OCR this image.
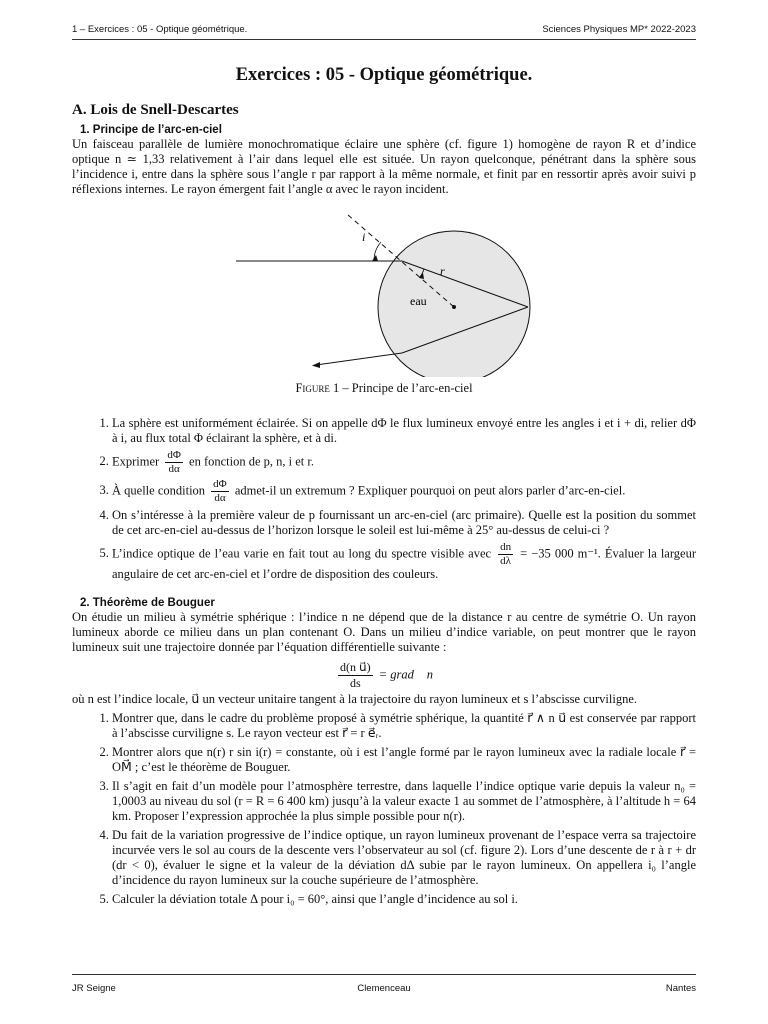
1 – Exercices : 05 - Optique géométrique.	Sciences Physiques MP* 2022-2023
Exercices : 05 - Optique géométrique.
A. Lois de Snell-Descartes
1. Principe de l’arc-en-ciel

Un faisceau parallèle de lumière monochromatique éclaire une sphère (cf. figure 1) homogène de rayon R et d’indice optique n ≃ 1,33 relativement à l’air dans lequel elle est située. Un rayon quelconque, pénétrant dans la sphère sous l’incidence i, entre dans la sphère sous l’angle r par rapport à la même normale, et finit par en ressortir après avoir suivi p réflexions internes. Le rayon émergent fait l’angle α avec le rayon incident.

i
r
eau
Figure 1 – Principe de l’arc-en-ciel
1. La sphère est uniformément éclairée. Si on appelle dΦ le flux lumineux envoyé entre les angles i et i + di, relier dΦ à i, au flux total Φ éclairant la sphère, et à di.
2. Exprimer $\frac{d\Phi}{d\alpha}$ en fonction de p, n, i et r.
3. À quelle condition $\frac{d\Phi}{d\alpha}$ admet-il un extremum ? Expliquer pourquoi on peut alors parler d’arc-en-ciel.
4. On s’intéresse à la première valeur de p fournissant un arc-en-ciel (arc primaire). Quelle est la position du sommet de cet arc-en-ciel au-dessus de l’horizon lorsque le soleil est lui-même à 25° au-dessus de celui-ci ?
5. L’indice optique de l’eau varie en fait tout au long du spectre visible avec $\frac{dn}{d\lambda} = -35$ 000 m⁻¹. Évaluer la largeur angulaire de cet arc-en-ciel et l’ordre de disposition des couleurs.
2. Théorème de Bouguer

On étudie un milieu à symétrie sphérique : l’indice n ne dépend que de la distance r au centre de symétrie O. Un rayon lumineux aborde ce milieu dans un plan contenant O. Dans un milieu d’indice variable, on peut montrer que le rayon lumineux suit une trajectoire donnée par l’équation différentielle suivante :

$\frac{\text{d(n u⃗)}}{ds}$ = grad⃗ n

où n est l’indice locale, u⃗ un vecteur unitaire tangent à la trajectoire du rayon lumineux et s l’abscisse curviligne.

1. Montrer que, dans le cadre du problème proposé à symétrie sphérique, la quantité r⃗ ∧ n u⃗ est conservée par rapport à l’abscisse curviligne s. Le rayon vecteur est r⃗ = r e⃗ᵣ.
2. Montrer alors que n(r) r sin i(r) = constante, où i est l’angle formé par le rayon lumineux avec la radiale locale r⃗ = OM⃗ ; c’est le théorème de Bouguer.
3. Il s’agit en fait d’un modèle pour l’atmosphère terrestre, dans laquelle l’indice optique varie depuis la valeur n₀ = 1,0003 au niveau du sol (r = R = 6 400 km) jusqu’à la valeur exacte 1 au sommet de l’atmosphère, à l’altitude h = 64 km. Proposer l’expression approchée la plus simple possible pour n(r).
4. Du fait de la variation progressive de l’indice optique, un rayon lumineux provenant de l’espace verra sa trajectoire incurvée vers le sol au cours de la descente vers l’observateur au sol (cf. figure 2). Lors d’une descente de r à r + dr (dr < 0), évaluer le signe et la valeur de la déviation dΔ subie par le rayon lumineux. On appellera i₀ l’angle d’incidence du rayon lumineux sur la couche supérieure de l’atmosphère.
5. Calculer la déviation totale Δ pour i₀ = 60°, ainsi que l’angle d’incidence au sol i.
JR Seigne	Clemenceau	Nantes
